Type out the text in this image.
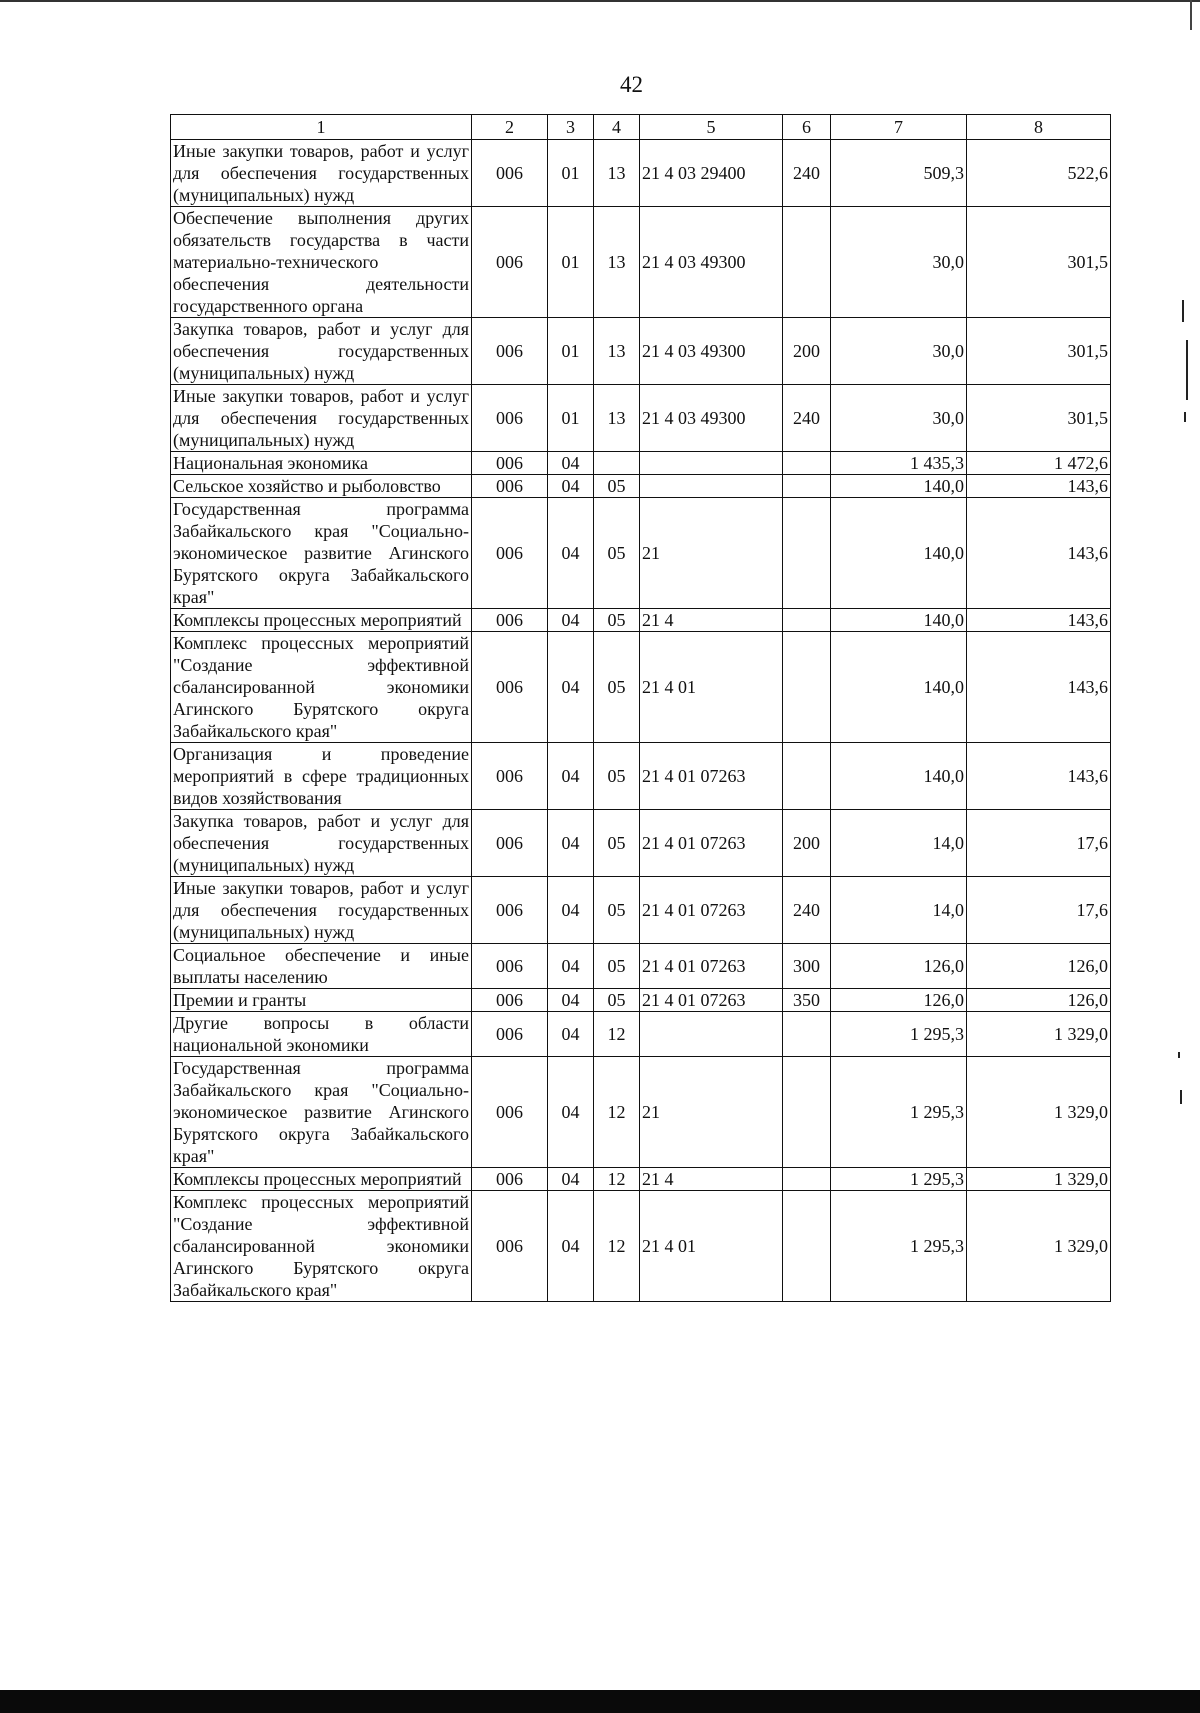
42
1	2	3	4	5	6	7	8
Иные закупки товаров, работ и услуг для обеспечения государственных (муниципальных) нужд	006	01	13	21 4 03 29400	240	509,3	522,6
Обеспечение выполнения других обязательств государства в части материально-технического обеспечения деятельности государственного органа	006	01	13	21 4 03 49300		30,0	301,5
Закупка товаров, работ и услуг для обеспечения государственных (муниципальных) нужд	006	01	13	21 4 03 49300	200	30,0	301,5
Иные закупки товаров, работ и услуг для обеспечения государственных (муниципальных) нужд	006	01	13	21 4 03 49300	240	30,0	301,5
Национальная экономика	006	04				1 435,3	1 472,6
Сельское хозяйство и рыболовство	006	04	05			140,0	143,6
Государственная программа Забайкальского края "Социально-экономическое развитие Агинского Бурятского округа Забайкальского края"	006	04	05	21		140,0	143,6
Комплексы процессных мероприятий	006	04	05	21 4		140,0	143,6
Комплекс процессных мероприятий "Создание эффективной сбалансированной экономики Агинского Бурятского округа Забайкальского края"	006	04	05	21 4 01		140,0	143,6
Организация и проведение мероприятий в сфере традиционных видов хозяйствования	006	04	05	21 4 01 07263		140,0	143,6
Закупка товаров, работ и услуг для обеспечения государственных (муниципальных) нужд	006	04	05	21 4 01 07263	200	14,0	17,6
Иные закупки товаров, работ и услуг для обеспечения государственных (муниципальных) нужд	006	04	05	21 4 01 07263	240	14,0	17,6
Социальное обеспечение и иные выплаты населению	006	04	05	21 4 01 07263	300	126,0	126,0
Премии и гранты	006	04	05	21 4 01 07263	350	126,0	126,0
Другие вопросы в области национальной экономики	006	04	12			1 295,3	1 329,0
Государственная программа Забайкальского края "Социально-экономическое развитие Агинского Бурятского округа Забайкальского края"	006	04	12	21		1 295,3	1 329,0
Комплексы процессных мероприятий	006	04	12	21 4		1 295,3	1 329,0
Комплекс процессных мероприятий "Создание эффективной сбалансированной экономики Агинского Бурятского округа Забайкальского края"	006	04	12	21 4 01		1 295,3	1 329,0
